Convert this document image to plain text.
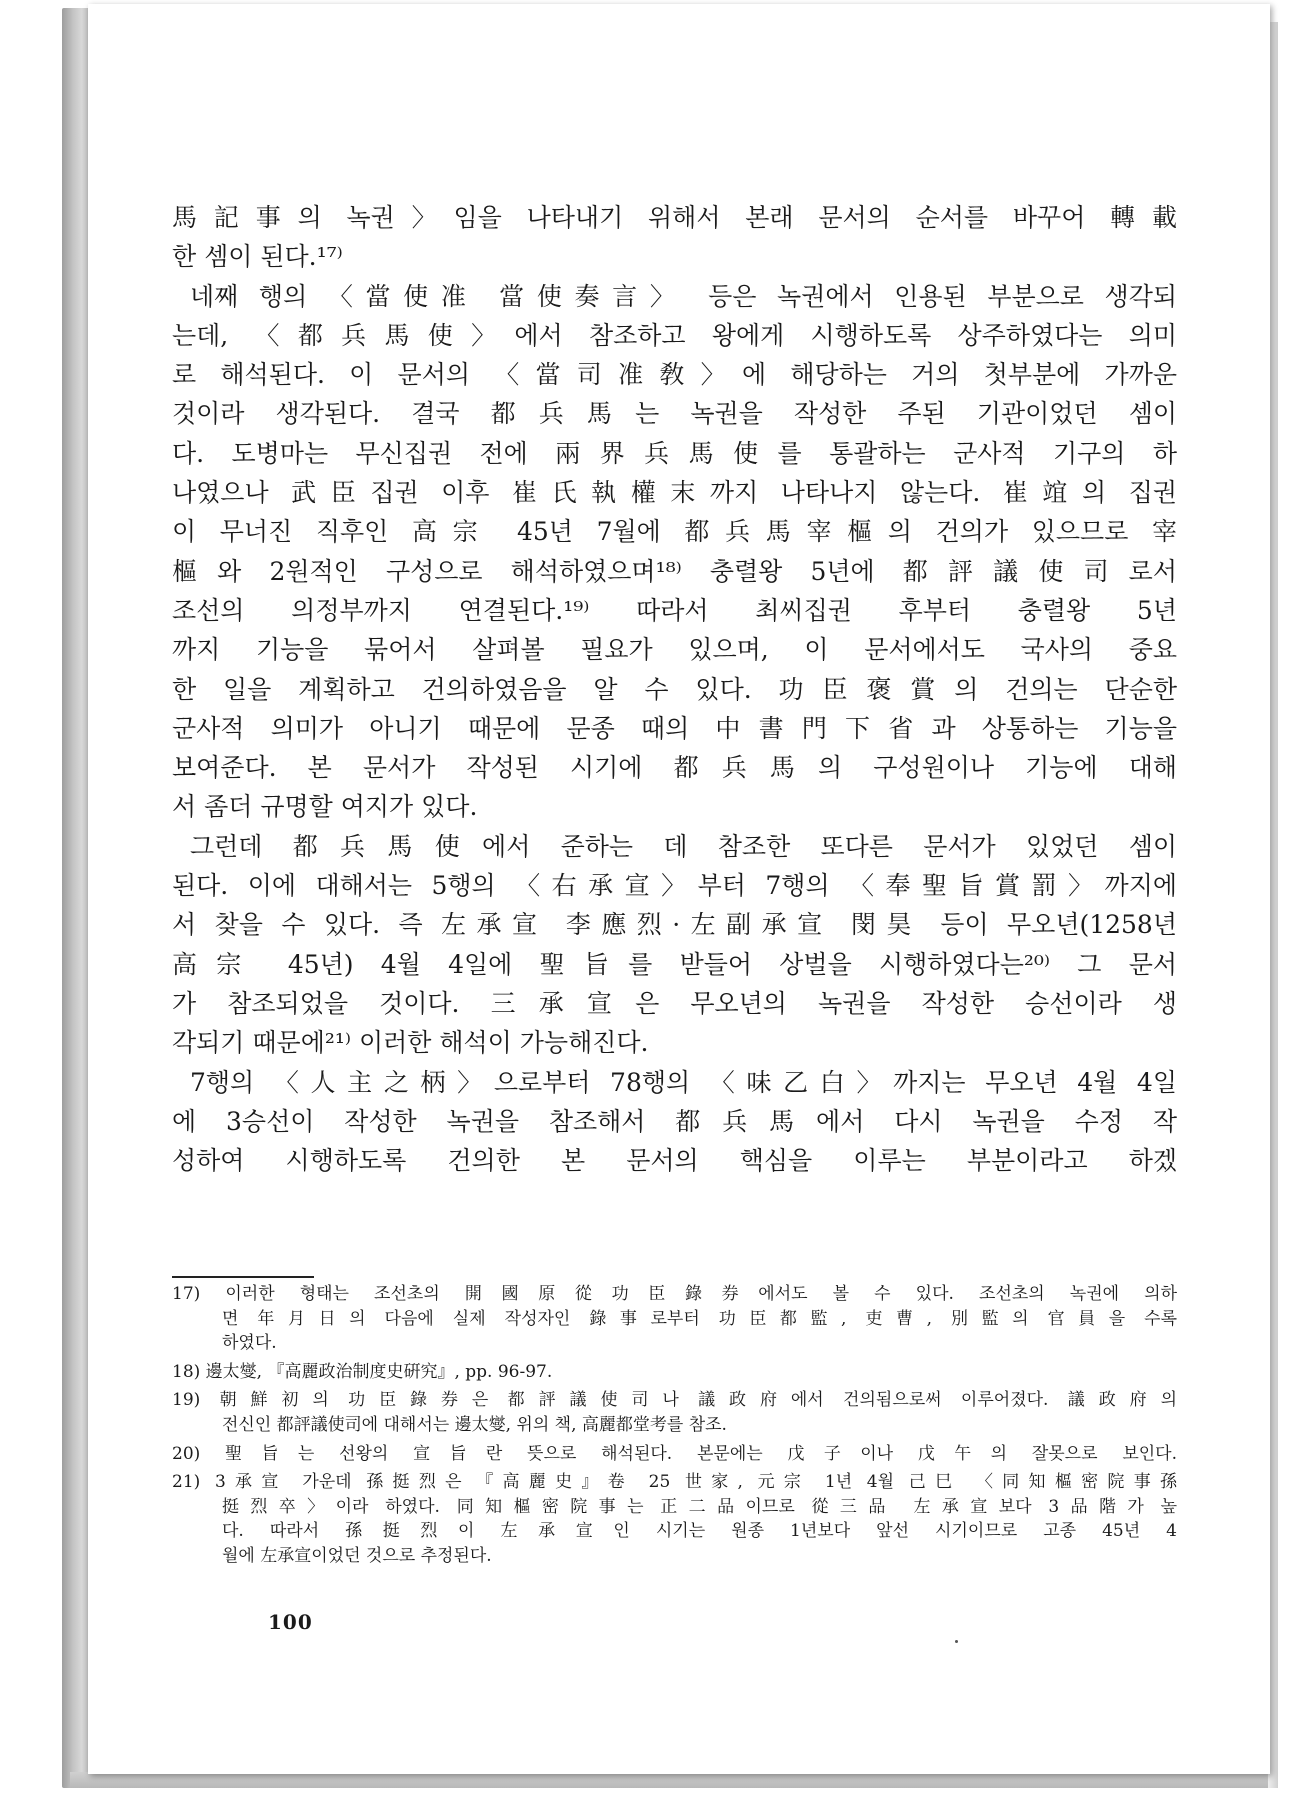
馬記事의 녹권〉임을 나타내기 위해서 본래 문서의 순서를 바꾸어 轉載
한 셈이 된다.¹⁷⁾
네째 행의 〈當使准 當使奏言〉 등은 녹권에서 인용된 부분으로 생각되
는데, 〈都兵馬使〉에서 참조하고 왕에게 시행하도록 상주하였다는 의미
로 해석된다. 이 문서의 〈當司准敎〉에 해당하는 거의 첫부분에 가까운
것이라 생각된다. 결국 都兵馬는 녹권을 작성한 주된 기관이었던 셈이
다. 도병마는 무신집권 전에 兩界兵馬使를 통괄하는 군사적 기구의 하
나였으나 武臣집권 이후 崔氏執權末까지 나타나지 않는다. 崔竩의 집권
이 무너진 직후인 高宗 45년 7월에 都兵馬宰樞의 건의가 있으므로 宰
樞와 2원적인 구성으로 해석하였으며¹⁸⁾ 충렬왕 5년에 都評議使司로서
조선의 의정부까지 연결된다.¹⁹⁾ 따라서 최씨집권 후부터 충렬왕 5년
까지 기능을 묶어서 살펴볼 필요가 있으며, 이 문서에서도 국사의 중요
한 일을 계획하고 건의하였음을 알 수 있다. 功臣褒賞의 건의는 단순한
군사적 의미가 아니기 때문에 문종 때의 中書門下省과 상통하는 기능을
보여준다. 본 문서가 작성된 시기에 都兵馬의 구성원이나 기능에 대해
서 좀더 규명할 여지가 있다.
그런데 都兵馬使에서 준하는 데 참조한 또다른 문서가 있었던 셈이
된다. 이에 대해서는 5행의 〈右承宣〉부터 7행의 〈奉聖旨賞罰〉까지에
서 찾을 수 있다. 즉 左承宣 李應烈·左副承宣 閔昊 등이 무오년(1258년
高宗 45년) 4월 4일에 聖旨를 받들어 상벌을 시행하였다는²⁰⁾ 그 문서
가 참조되었을 것이다. 三承宣은 무오년의 녹권을 작성한 승선이라 생
각되기 때문에²¹⁾ 이러한 해석이 가능해진다.
7행의 〈人主之柄〉으로부터 78행의 〈味乙白〉까지는 무오년 4월 4일
에 3승선이 작성한 녹권을 참조해서 都兵馬에서 다시 녹권을 수정 작
성하여 시행하도록 건의한 본 문서의 핵심을 이루는 부분이라고 하겠
17) 이러한 형태는 조선초의 開國原從功臣錄券에서도 볼 수 있다. 조선초의 녹권에 의하
면 年月日의 다음에 실제 작성자인 錄事로부터 功臣都監, 吏曹, 別監의 官員을 수록
하였다.
18) 邊太燮, 『高麗政治制度史硏究』, pp. 96-97.
19) 朝鮮初의 功臣錄券은 都評議使司나 議政府에서 건의됨으로써 이루어졌다. 議政府의
전신인 都評議使司에 대해서는 邊太燮, 위의 책, 高麗都堂考를 참조.
20) 聖旨는 선왕의 宣旨란 뜻으로 해석된다. 본문에는 戊子이나 戊午의 잘못으로 보인다.
21) 3承宣 가운데 孫挺烈은 『高麗史』卷 25 世家, 元宗 1년 4월 己巳 〈同知樞密院事孫
挺烈卒〉이라 하였다. 同知樞密院事는 正二品이므로 從三品 左承宣보다 3品階가 높
다. 따라서 孫挺烈이 左承宣인 시기는 원종 1년보다 앞선 시기이므로 고종 45년 4
월에 左承宣이었던 것으로 추정된다.
100
